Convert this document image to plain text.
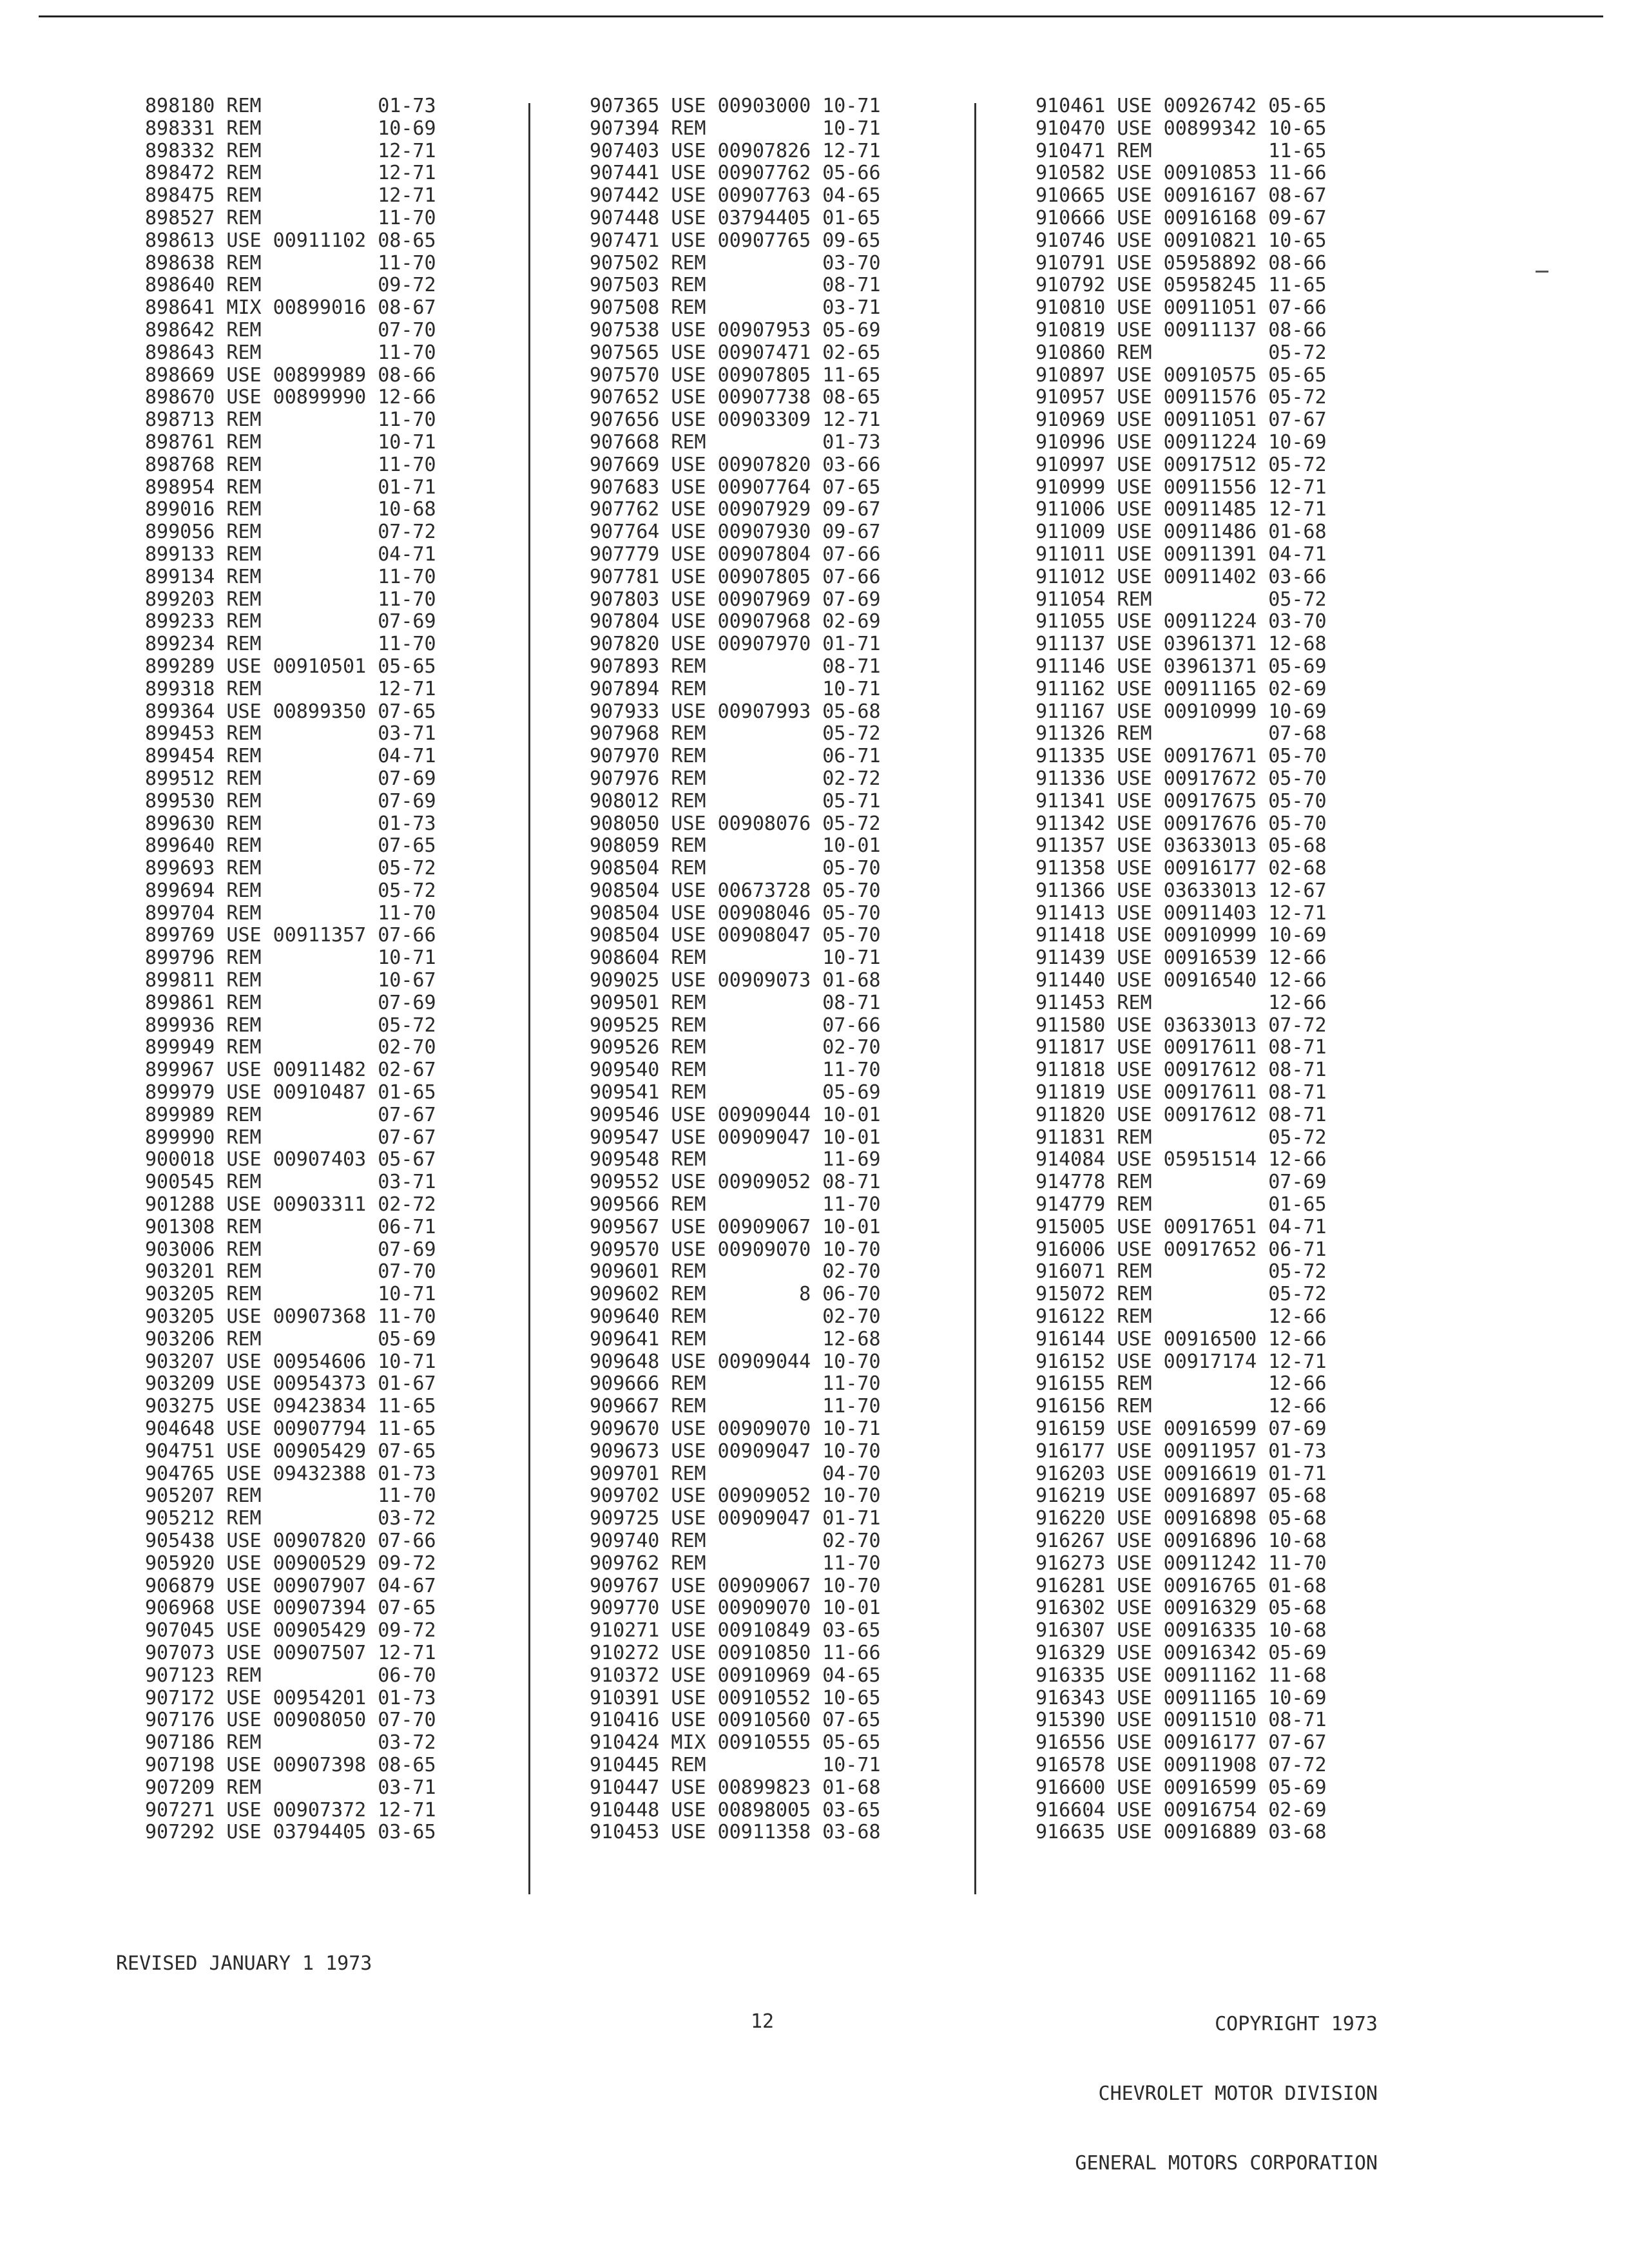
898180 REM          01-73
898331 REM          10-69
898332 REM          12-71
898472 REM          12-71
898475 REM          12-71
898527 REM          11-70
898613 USE 00911102 08-65
898638 REM          11-70
898640 REM          09-72
898641 MIX 00899016 08-67
898642 REM          07-70
898643 REM          11-70
898669 USE 00899989 08-66
898670 USE 00899990 12-66
898713 REM          11-70
898761 REM          10-71
898768 REM          11-70
898954 REM          01-71
899016 REM          10-68
899056 REM          07-72
899133 REM          04-71
899134 REM          11-70
899203 REM          11-70
899233 REM          07-69
899234 REM          11-70
899289 USE 00910501 05-65
899318 REM          12-71
899364 USE 00899350 07-65
899453 REM          03-71
899454 REM          04-71
899512 REM          07-69
899530 REM          07-69
899630 REM          01-73
899640 REM          07-65
899693 REM          05-72
899694 REM          05-72
899704 REM          11-70
899769 USE 00911357 07-66
899796 REM          10-71
899811 REM          10-67
899861 REM          07-69
899936 REM          05-72
899949 REM          02-70
899967 USE 00911482 02-67
899979 USE 00910487 01-65
899989 REM          07-67
899990 REM          07-67
900018 USE 00907403 05-67
900545 REM          03-71
901288 USE 00903311 02-72
901308 REM          06-71
903006 REM          07-69
903201 REM          07-70
903205 REM          10-71
903205 USE 00907368 11-70
903206 REM          05-69
903207 USE 00954606 10-71
903209 USE 00954373 01-67
903275 USE 09423834 11-65
904648 USE 00907794 11-65
904751 USE 00905429 07-65
904765 USE 09432388 01-73
905207 REM          11-70
905212 REM          03-72
905438 USE 00907820 07-66
905920 USE 00900529 09-72
906879 USE 00907907 04-67
906968 USE 00907394 07-65
907045 USE 00905429 09-72
907073 USE 00907507 12-71
907123 REM          06-70
907172 USE 00954201 01-73
907176 USE 00908050 07-70
907186 REM          03-72
907198 USE 00907398 08-65
907209 REM          03-71
907271 USE 00907372 12-71
907292 USE 03794405 03-65
907365 USE 00903000 10-71
907394 REM          10-71
907403 USE 00907826 12-71
907441 USE 00907762 05-66
907442 USE 00907763 04-65
907448 USE 03794405 01-65
907471 USE 00907765 09-65
907502 REM          03-70
907503 REM          08-71
907508 REM          03-71
907538 USE 00907953 05-69
907565 USE 00907471 02-65
907570 USE 00907805 11-65
907652 USE 00907738 08-65
907656 USE 00903309 12-71
907668 REM          01-73
907669 USE 00907820 03-66
907683 USE 00907764 07-65
907762 USE 00907929 09-67
907764 USE 00907930 09-67
907779 USE 00907804 07-66
907781 USE 00907805 07-66
907803 USE 00907969 07-69
907804 USE 00907968 02-69
907820 USE 00907970 01-71
907893 REM          08-71
907894 REM          10-71
907933 USE 00907993 05-68
907968 REM          05-72
907970 REM          06-71
907976 REM          02-72
908012 REM          05-71
908050 USE 00908076 05-72
908059 REM          10-01
908504 REM          05-70
908504 USE 00673728 05-70
908504 USE 00908046 05-70
908504 USE 00908047 05-70
908604 REM          10-71
909025 USE 00909073 01-68
909501 REM          08-71
909525 REM          07-66
909526 REM          02-70
909540 REM          11-70
909541 REM          05-69
909546 USE 00909044 10-01
909547 USE 00909047 10-01
909548 REM          11-69
909552 USE 00909052 08-71
909566 REM          11-70
909567 USE 00909067 10-01
909570 USE 00909070 10-70
909601 REM          02-70
909602 REM        8 06-70
909640 REM          02-70
909641 REM          12-68
909648 USE 00909044 10-70
909666 REM          11-70
909667 REM          11-70
909670 USE 00909070 10-71
909673 USE 00909047 10-70
909701 REM          04-70
909702 USE 00909052 10-70
909725 USE 00909047 01-71
909740 REM          02-70
909762 REM          11-70
909767 USE 00909067 10-70
909770 USE 00909070 10-01
910271 USE 00910849 03-65
910272 USE 00910850 11-66
910372 USE 00910969 04-65
910391 USE 00910552 10-65
910416 USE 00910560 07-65
910424 MIX 00910555 05-65
910445 REM          10-71
910447 USE 00899823 01-68
910448 USE 00898005 03-65
910453 USE 00911358 03-68
910461 USE 00926742 05-65
910470 USE 00899342 10-65
910471 REM          11-65
910582 USE 00910853 11-66
910665 USE 00916167 08-67
910666 USE 00916168 09-67
910746 USE 00910821 10-65
910791 USE 05958892 08-66
910792 USE 05958245 11-65
910810 USE 00911051 07-66
910819 USE 00911137 08-66
910860 REM          05-72
910897 USE 00910575 05-65
910957 USE 00911576 05-72
910969 USE 00911051 07-67
910996 USE 00911224 10-69
910997 USE 00917512 05-72
910999 USE 00911556 12-71
911006 USE 00911485 12-71
911009 USE 00911486 01-68
911011 USE 00911391 04-71
911012 USE 00911402 03-66
911054 REM          05-72
911055 USE 00911224 03-70
911137 USE 03961371 12-68
911146 USE 03961371 05-69
911162 USE 00911165 02-69
911167 USE 00910999 10-69
911326 REM          07-68
911335 USE 00917671 05-70
911336 USE 00917672 05-70
911341 USE 00917675 05-70
911342 USE 00917676 05-70
911357 USE 03633013 05-68
911358 USE 00916177 02-68
911366 USE 03633013 12-67
911413 USE 00911403 12-71
911418 USE 00910999 10-69
911439 USE 00916539 12-66
911440 USE 00916540 12-66
911453 REM          12-66
911580 USE 03633013 07-72
911817 USE 00917611 08-71
911818 USE 00917612 08-71
911819 USE 00917611 08-71
911820 USE 00917612 08-71
911831 REM          05-72
914084 USE 05951514 12-66
914778 REM          07-69
914779 REM          01-65
915005 USE 00917651 04-71
916006 USE 00917652 06-71
916071 REM          05-72
915072 REM          05-72
916122 REM          12-66
916144 USE 00916500 12-66
916152 USE 00917174 12-71
916155 REM          12-66
916156 REM          12-66
916159 USE 00916599 07-69
916177 USE 00911957 01-73
916203 USE 00916619 01-71
916219 USE 00916897 05-68
916220 USE 00916898 05-68
916267 USE 00916896 10-68
916273 USE 00911242 11-70
916281 USE 00916765 01-68
916302 USE 00916329 05-68
916307 USE 00916335 10-68
916329 USE 00916342 05-69
916335 USE 00911162 11-68
916343 USE 00911165 10-69
915390 USE 00911510 08-71
916556 USE 00916177 07-67
916578 USE 00911908 07-72
916600 USE 00916599 05-69
916604 USE 00916754 02-69
916635 USE 00916889 03-68
REVISED JANUARY 1 1973
12

	COPYRIGHT 1973

CHEVROLET MOTOR DIVISION

GENERAL MOTORS CORPORATION
